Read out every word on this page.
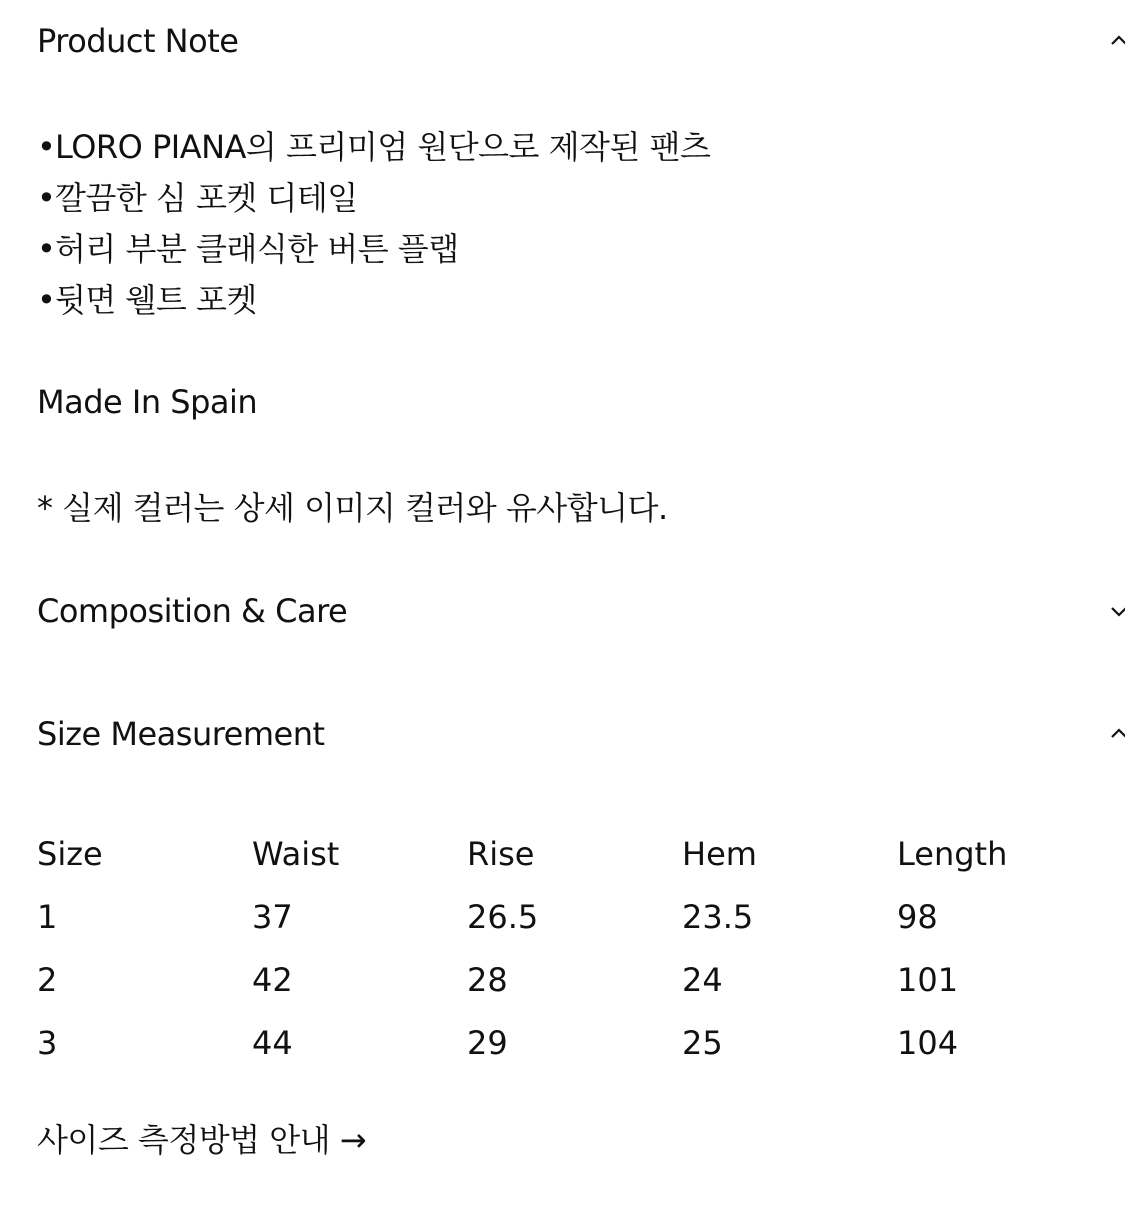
Product Note
•LORO PIANA의 프리미엄 원단으로 제작된 팬츠
•깔끔한 심 포켓 디테일
•허리 부분 클래식한 버튼 플랩
•뒷면 웰트 포켓
Made In Spain
* 실제 컬러는 상세 이미지 컬러와 유사합니다.
Composition & Care
Size Measurement
Size	Waist	Rise	Hem	Length
1	37	26.5	23.5	98
2	42	28	24	101
3	44	29	25	104
사이즈 측정방법 안내 →
